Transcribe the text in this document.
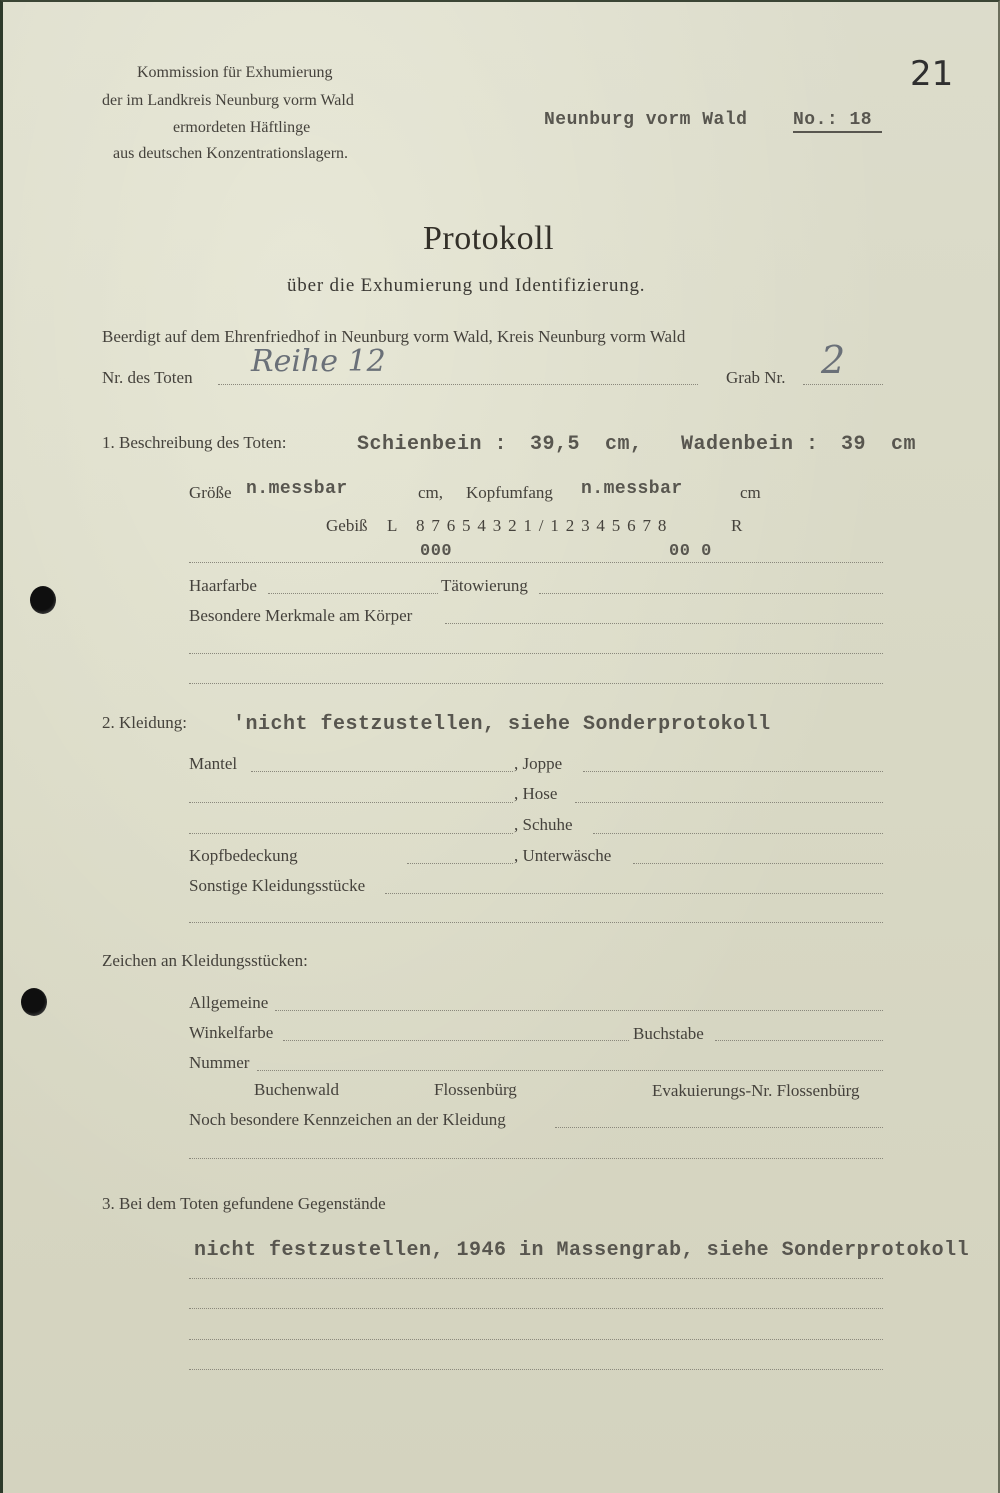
Kommission für Exhumierung
der im Landkreis Neunburg vorm Wald
ermordeten Häftlinge
aus deutschen Konzentrationslagern.
Neunburg vorm Wald	No.: 18
21
Protokoll
über die Exhumierung und Identifizierung.
Beerdigt auf dem Ehrenfriedhof in Neunburg vorm Wald, Kreis Neunburg vorm Wald
Nr. des Toten Reihe 12	Grab Nr. 2
1. Beschreibung des Toten:	Schienbein : 39,5 cm, Wadenbein : 39 cm
Größe n.messbar	cm, Kopfumfang n.messbar	cm
Gebiß L 8 7 6 5 4 3 2 1 / 1 2 3 4 5 6 7 8	R
000	00 0
Haarfarbe	Tätowierung
Besondere Merkmale am Körper
2. Kleidung: 'nicht festzustellen, siehe Sonderprotokoll
Mantel	, Joppe
, Hose
, Schuhe
Kopfbedeckung	, Unterwäsche
Sonstige Kleidungsstücke
Zeichen an Kleidungsstücken:
Allgemeine
Winkelfarbe	Buchstabe
Nummer
Buchenwald	Flossenbürg	Evakuierungs-Nr. Flossenbürg
Noch besondere Kennzeichen an der Kleidung
3. Bei dem Toten gefundene Gegenstände
nicht festzustellen, 1946 in Massengrab, siehe Sonderprotokoll
